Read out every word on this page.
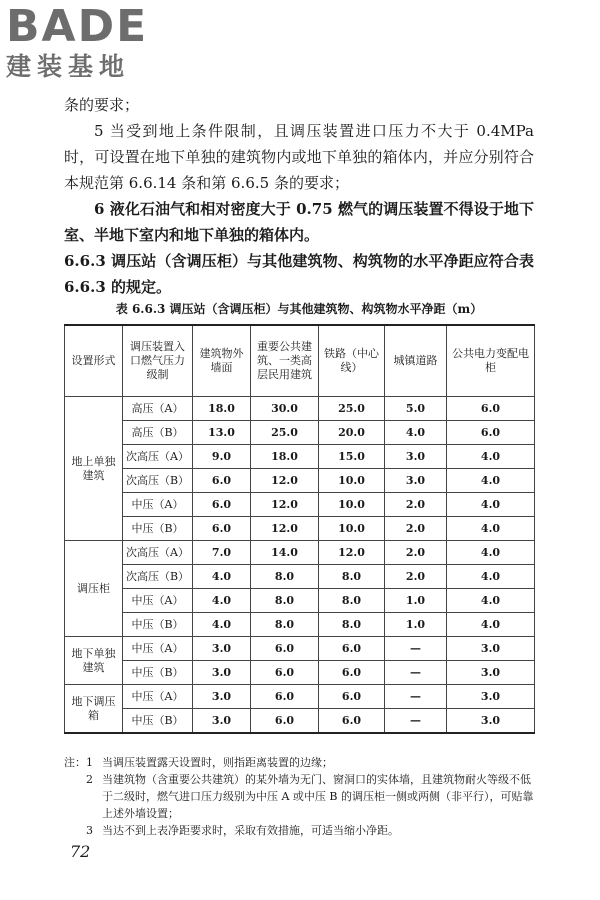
BADE
建装基地

条的要求；

5 当受到地上条件限制，且调压装置进口压力不大于 0.4MPa 时，可设置在地下单独的建筑物内或地下单独的箱体内，并应分别符合本规范第 6.6.14 条和第 6.6.5 条的要求；

6 液化石油气和相对密度大于 0.75 燃气的调压装置不得设于地下室、半地下室内和地下单独的箱体内。

6.6.3 调压站（含调压柜）与其他建筑物、构筑物的水平净距应符合表 6.6.3 的规定。

表 6.6.3 调压站（含调压柜）与其他建筑物、构筑物水平净距（m）
设置形式	调压装置入口燃气压力级制	建筑物外墙面	重要公共建筑、一类高层民用建筑	铁路（中心线）	城镇道路	公共电力变配电柜
地上单独建筑	高压（A）	18.0	30.0	25.0	5.0	6.0
	高压（B）	13.0	25.0	20.0	4.0	6.0
	次高压（A）	9.0	18.0	15.0	3.0	4.0
	次高压（B）	6.0	12.0	10.0	3.0	4.0
	中压（A）	6.0	12.0	10.0	2.0	4.0
	中压（B）	6.0	12.0	10.0	2.0	4.0
调压柜	次高压（A）	7.0	14.0	12.0	2.0	4.0
	次高压（B）	4.0	8.0	8.0	2.0	4.0
	中压（A）	4.0	8.0	8.0	1.0	4.0
	中压（B）	4.0	8.0	8.0	1.0	4.0
地下单独建筑	中压（A）	3.0	6.0	6.0	—	3.0
	中压（B）	3.0	6.0	6.0	—	3.0
地下调压箱	中压（A）	3.0	6.0	6.0	—	3.0
	中压（B）	3.0	6.0	6.0	—	3.0
注： 1 当调压装置露天设置时，则指距离装置的边缘；
2 当建筑物（含重要公共建筑）的某外墙为无门、窗洞口的实体墙，且建筑物耐火等级不低于二级时，燃气进口压力级别为中压 A 或中压 B 的调压柜一侧或两侧（非平行），可贴靠上述外墙设置；
3 当达不到上表净距要求时，采取有效措施，可适当缩小净距。
72
